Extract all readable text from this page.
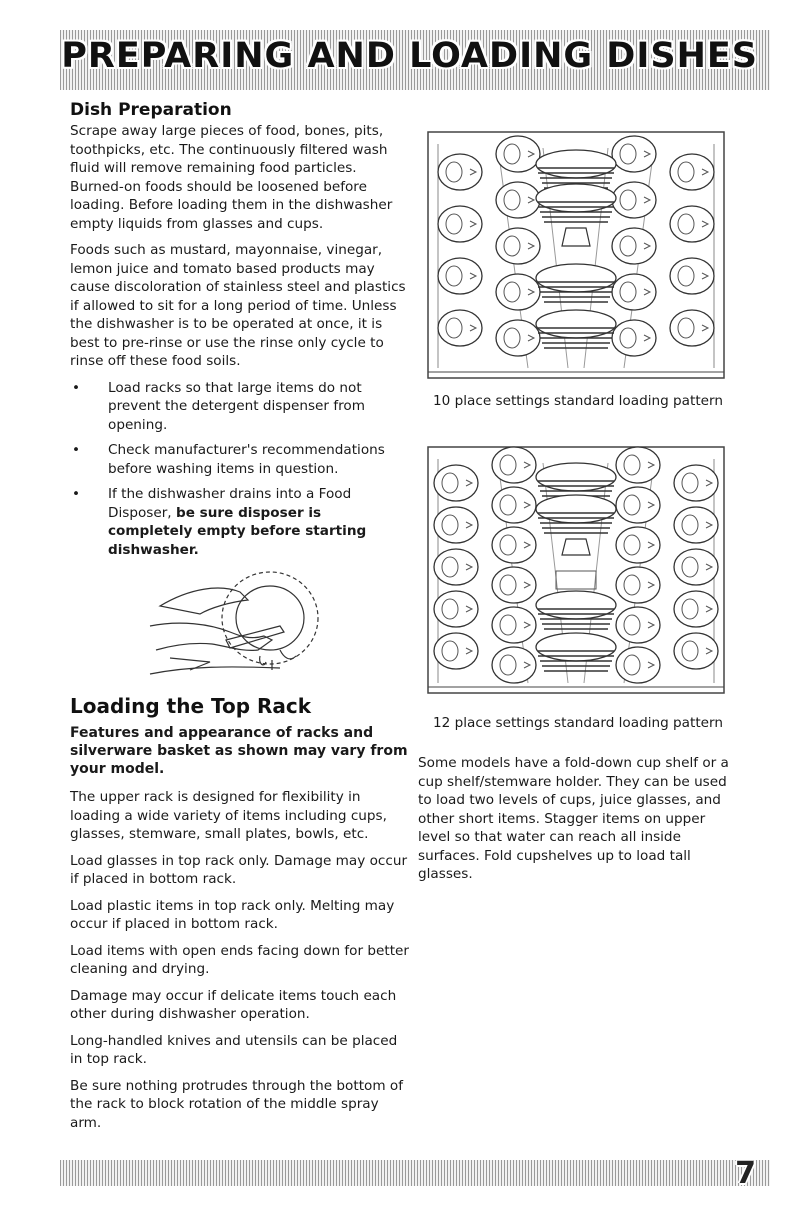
PREPARING AND LOADING DISHES
Dish Preparation

Scrape away large pieces of food, bones, pits, toothpicks, etc. The continuously filtered wash fluid will remove remaining food particles. Burned-on foods should be loosened before loading. Before loading them in the dishwasher empty liquids from glasses and cups.

Foods such as mustard, mayonnaise, vinegar, lemon juice and tomato based products may cause discoloration of stainless steel and plastics if allowed to sit for a long period of time. Unless the dishwasher is to be operated at once, it is best to pre-rinse or use the rinse only cycle to rinse off these food soils.

• Load racks so that large items do not prevent the detergent dispenser from opening.
• Check manufacturer's recommendations before washing items in question.
• If the dishwasher drains into a Food Disposer, be sure disposer is completely empty before starting dishwasher.
Loading the Top Rack

Features and appearance of racks and silverware basket as shown may vary from your model.

The upper rack is designed for flexibility in loading a wide variety of items including cups, glasses, stemware, small plates, bowls, etc.

Load glasses in top rack only. Damage may occur if placed in bottom rack.

Load plastic items in top rack only. Melting may occur if placed in bottom rack.

Load items with open ends facing down for better cleaning and drying.

Damage may occur if delicate items touch each other during dishwasher operation.

Long-handled knives and utensils can be placed in top rack.

Be sure nothing protrudes through the bottom of the rack to block rotation of the middle spray arm.

10 place settings standard loading pattern

12 place settings standard loading pattern

Some models have a fold-down cup shelf or a cup shelf/stemware holder. They can be used to load two levels of cups, juice glasses, and other short items. Stagger items on upper level so that water can reach all inside surfaces. Fold cupshelves up to load tall glasses.

7
